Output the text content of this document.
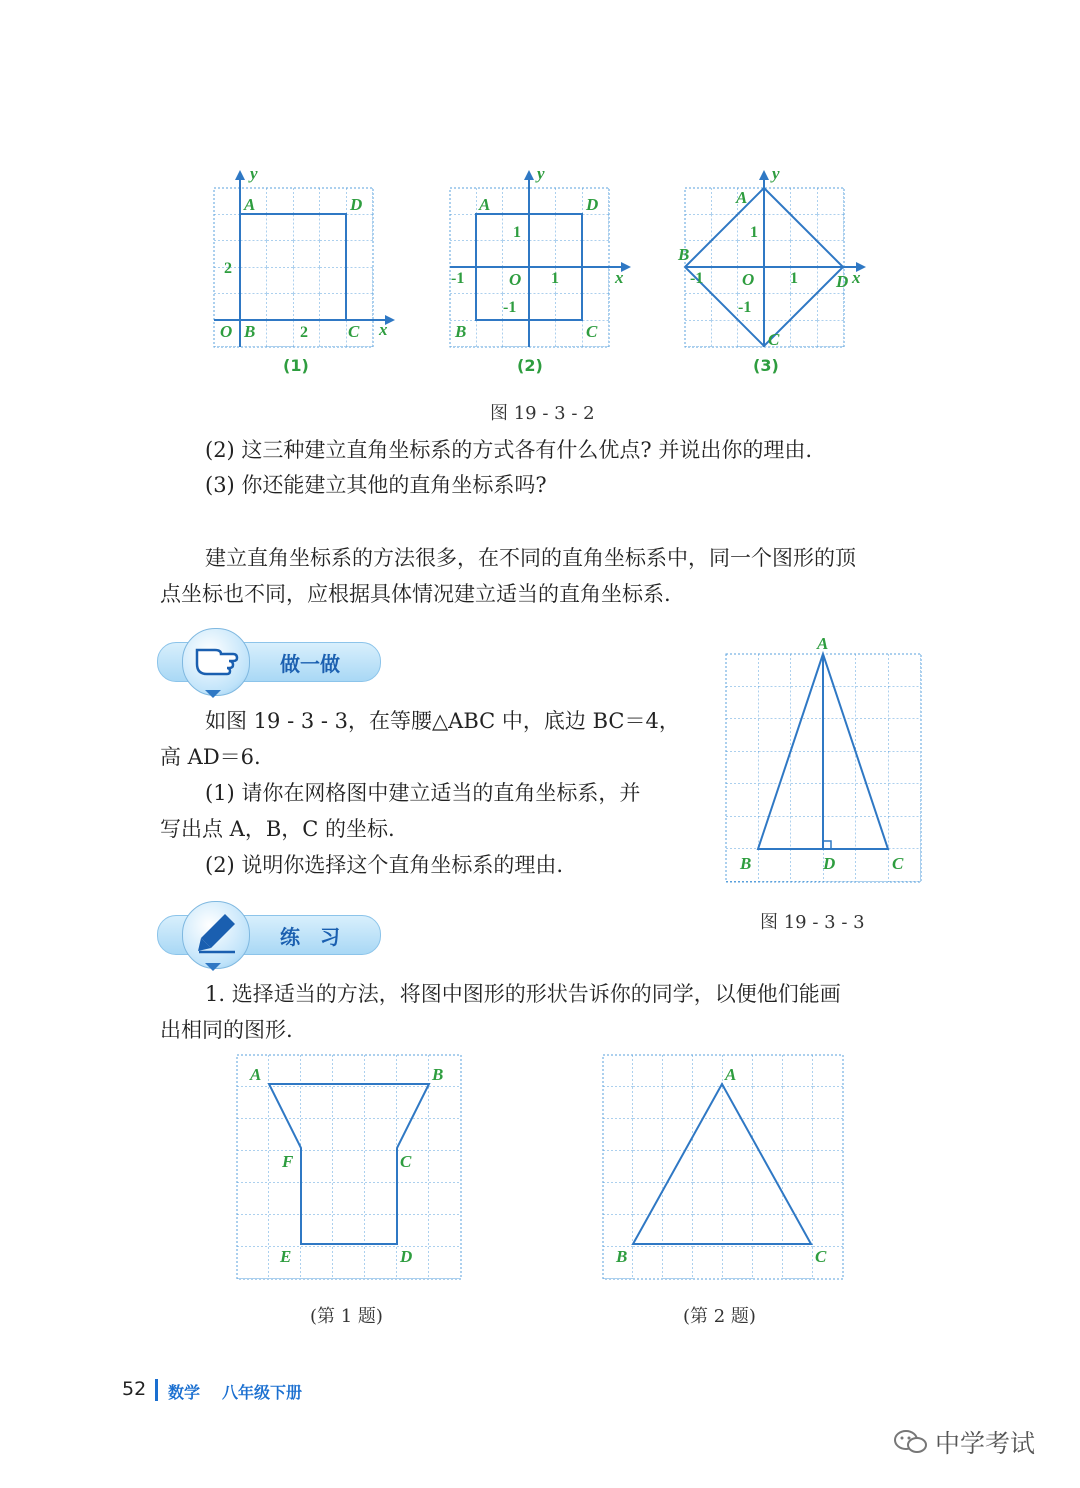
y
x
O
2
2
A
B	C
D
y
x
O
-1	1
1
-1
A
B	C
D
y
x
O
-1	1
1
-1
A
B
C
D
(1)	(2)	(3)
图 19 - 3 - 2
(2) 这三种建立直角坐标系的方式各有什么优点? 并说出你的理由.
(3) 你还能建立其他的直角坐标系吗?
建立直角坐标系的方法很多，在不同的直角坐标系中，同一个图形的顶
点坐标也不同，应根据具体情况建立适当的直角坐标系.
做一做
如图 19 - 3 - 3，在等腰△ABC 中，底边 BC＝4，
高 AD＝6.
(1) 请你在网格图中建立适当的直角坐标系，并
写出点 A，B，C 的坐标.
(2) 说明你选择这个直角坐标系的理由.
A
B	D	C
图 19 - 3 - 3
练　习
1. 选择适当的方法，将图中图形的形状告诉你的同学，以便他们能画
出相同的图形.
A	B
F	C
E	D
(第 1 题)
A
B	C
(第 2 题)
52 数学 八年级下册
中学考试
